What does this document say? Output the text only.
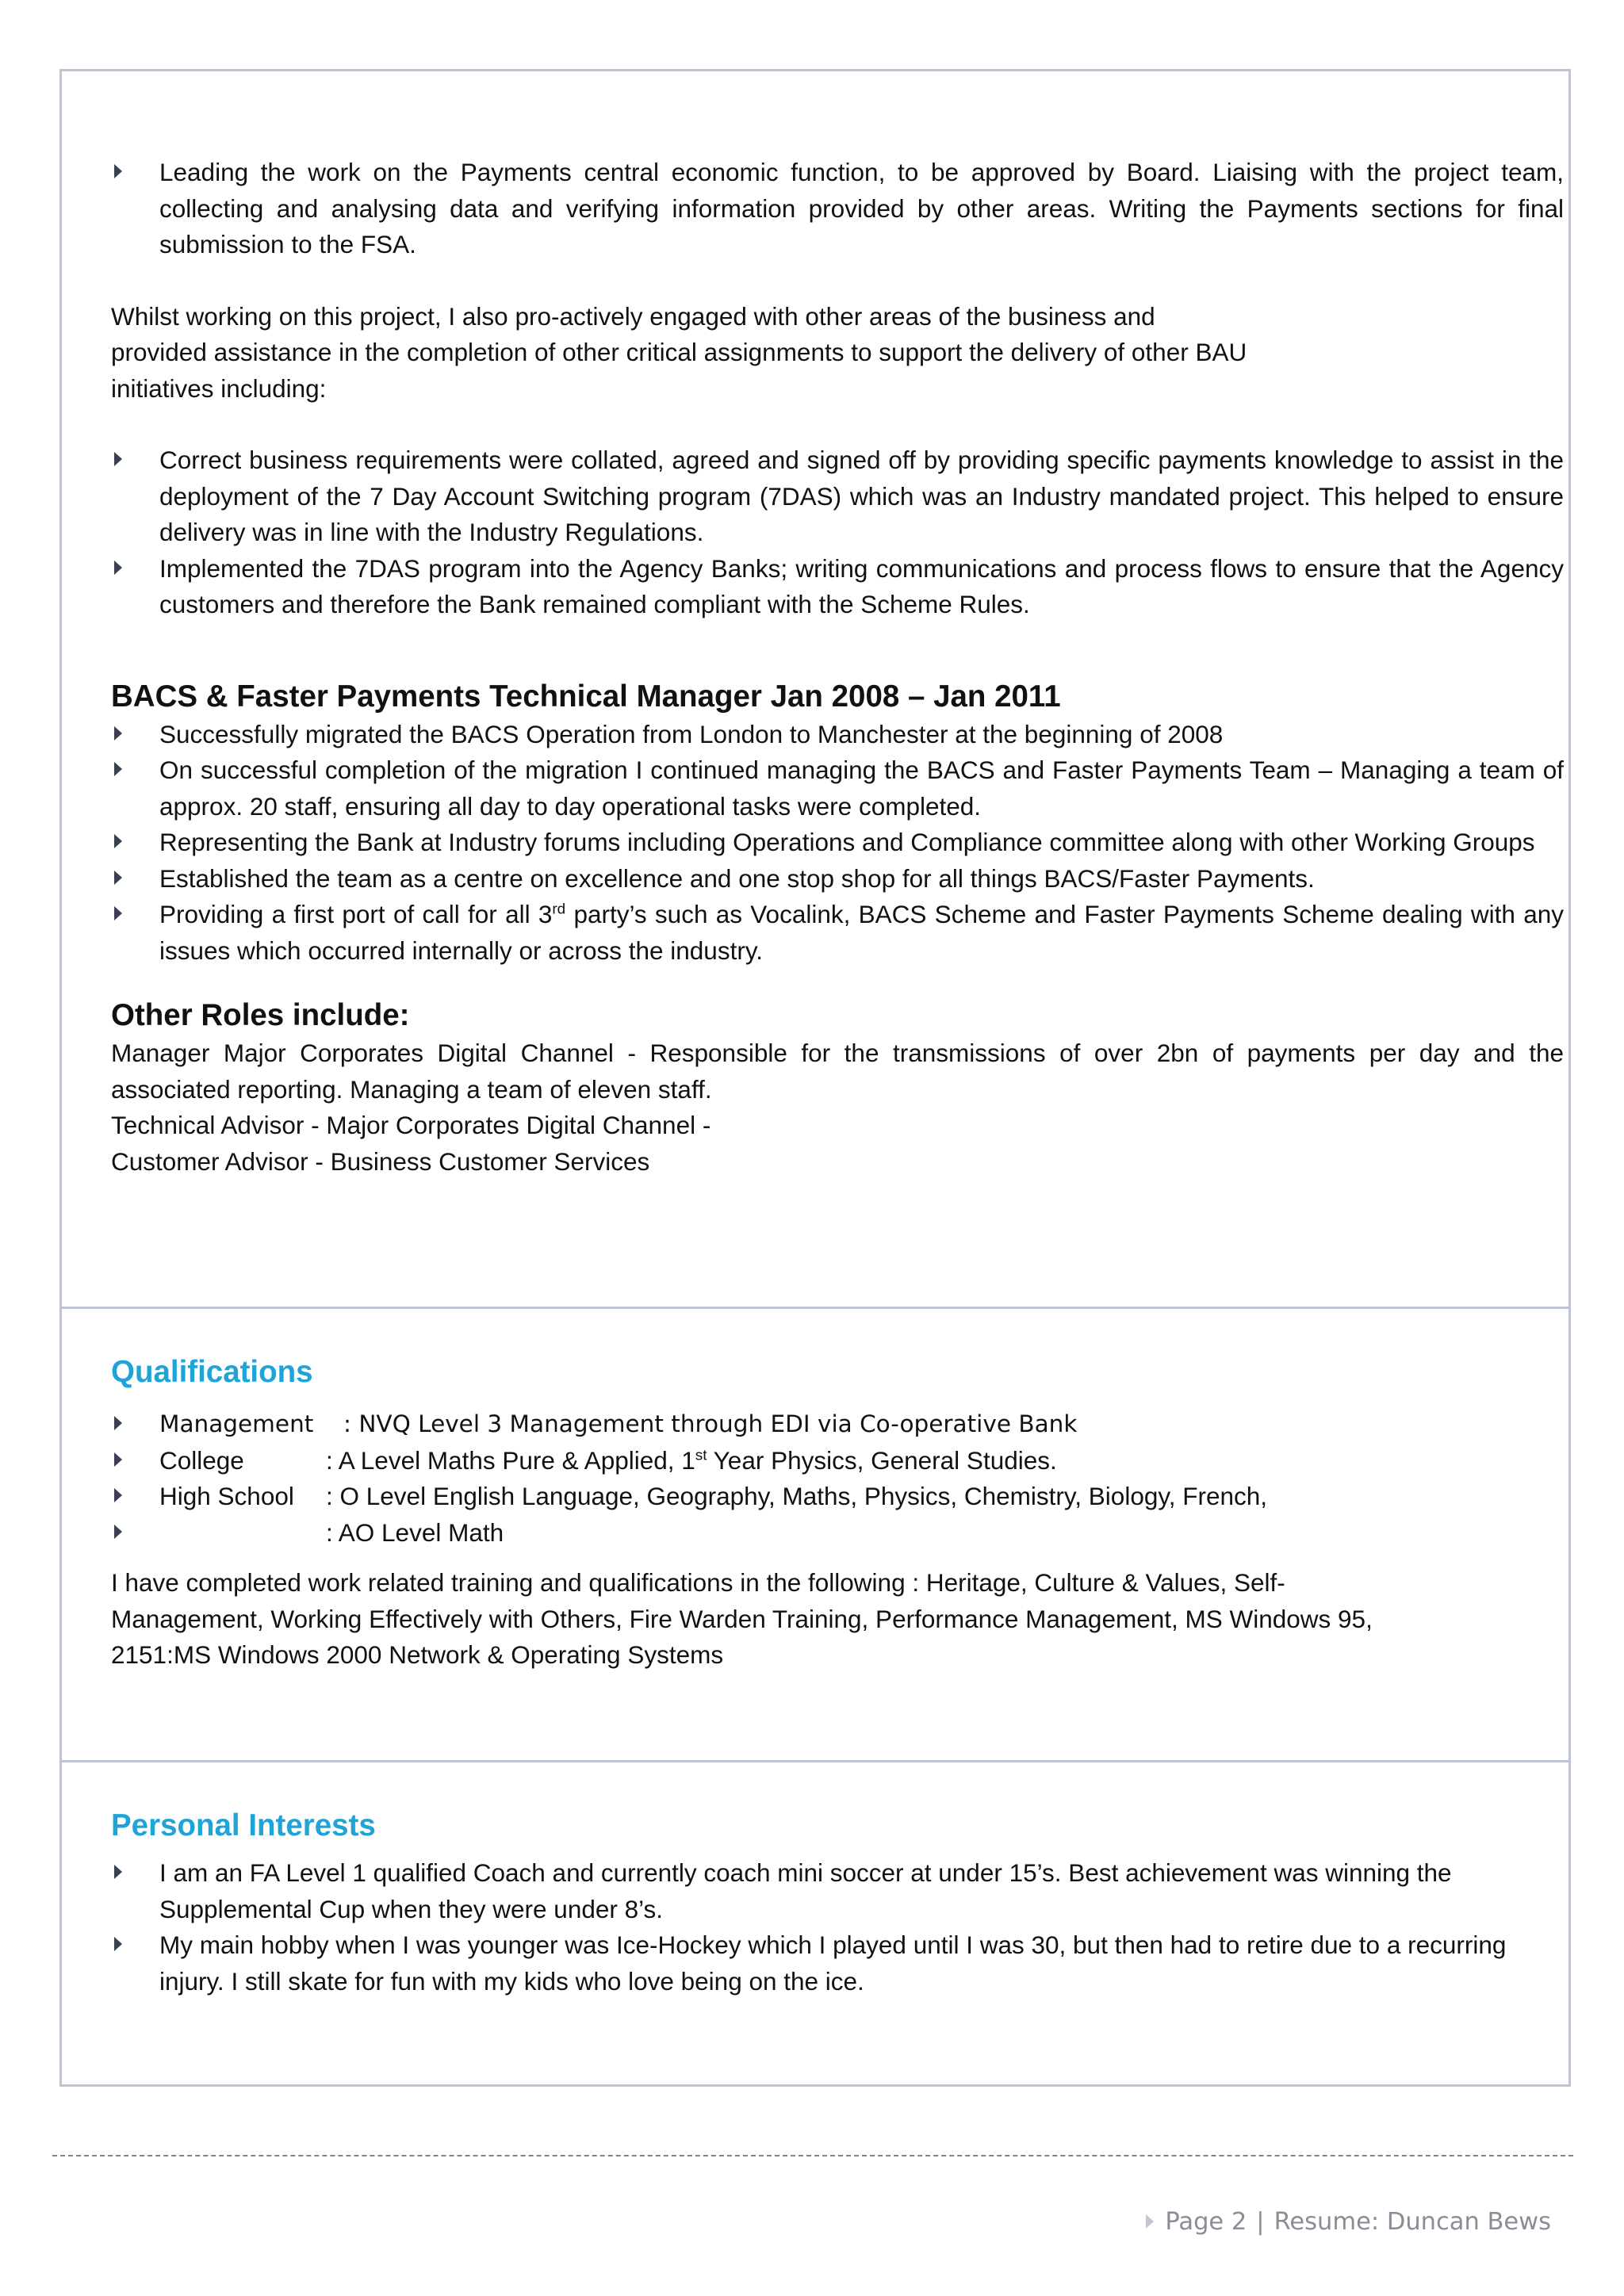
Leading the work on the Payments central economic function, to be approved by Board. Liaising with the project team, collecting and analysing data and verifying information provided by other areas. Writing the Payments sections for final submission to the FSA.

Whilst working on this project, I also pro-actively engaged with other areas of the business and
provided assistance in the completion of other critical assignments to support the delivery of other BAU
initiatives including:

Correct business requirements were collated, agreed and signed off by providing specific payments knowledge to assist in the deployment of the 7 Day Account Switching program (7DAS) which was an Industry mandated project. This helped to ensure delivery was in line with the Industry Regulations.
Implemented the 7DAS program into the Agency Banks; writing communications and process flows to ensure that the Agency customers and therefore the Bank remained compliant with the Scheme Rules.
BACS & Faster Payments Technical Manager Jan 2008 – Jan 2011
Successfully migrated the BACS Operation from London to Manchester at the beginning of 2008
On successful completion of the migration I continued managing the BACS and Faster Payments Team – Managing a team of approx. 20 staff, ensuring all day to day operational tasks were completed.
Representing the Bank at Industry forums including Operations and Compliance committee along with other Working Groups
Established the team as a centre on excellence and one stop shop for all things BACS/Faster Payments.
Providing a first port of call for all 3rd party’s such as Vocalink, BACS Scheme and Faster Payments Scheme dealing with any issues which occurred internally or across the industry.
Other Roles include:

Manager Major Corporates Digital Channel - Responsible for the transmissions of over 2bn of payments per day and the associated reporting. Managing a team of eleven staff.

Technical Advisor - Major Corporates Digital Channel -

Customer Advisor - Business Customer Services

Qualifications
Management	: NVQ Level 3 Management through EDI via Co-operative Bank
College	: A Level Maths Pure & Applied, 1st Year Physics, General Studies.
High School	: O Level English Language, Geography, Maths, Physics, Chemistry, Biology, French,
: AO Level Math

I have completed work related training and qualifications in the following : Heritage, Culture & Values, Self-
Management, Working Effectively with Others, Fire Warden Training, Performance Management, MS Windows 95,
2151:MS Windows 2000 Network & Operating Systems

Personal Interests
I am an FA Level 1 qualified Coach and currently coach mini soccer at under 15’s. Best achievement was winning the Supplemental Cup when they were under 8’s.
My main hobby when I was younger was Ice-Hockey which I played until I was 30, but then had to retire due to a recurring injury. I still skate for fun with my kids who love being on the ice.
Page 2 | Resume: Duncan Bews
